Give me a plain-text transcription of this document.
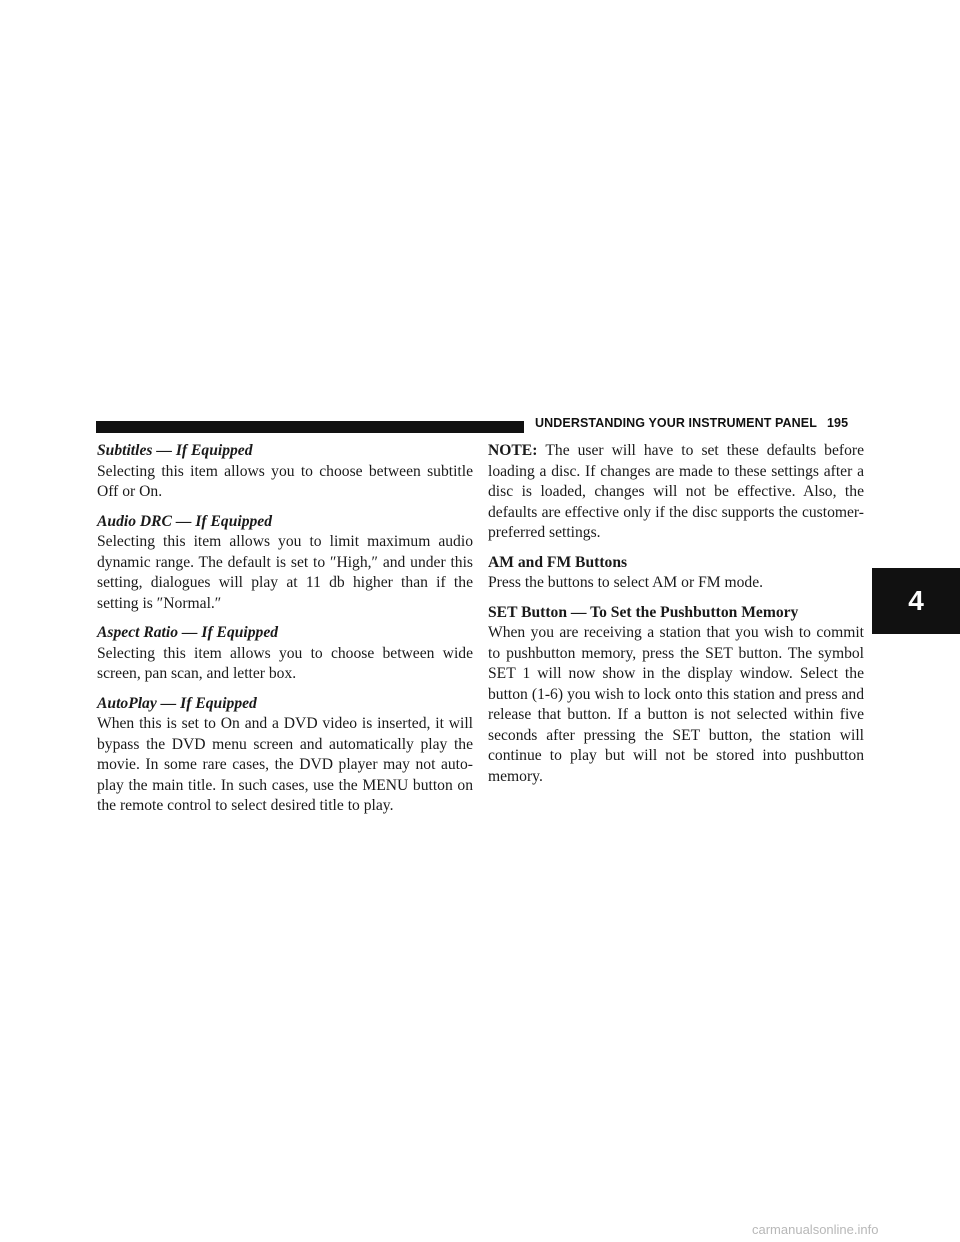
UNDERSTANDING YOUR INSTRUMENT PANEL 195
4

Subtitles — If Equipped

Selecting this item allows you to choose between subtitle Off or On.

Audio DRC — If Equipped

Selecting this item allows you to limit maximum audio dynamic range. The default is set to ″High,″ and under this setting, dialogues will play at 11 db higher than if the setting is ″Normal.″

Aspect Ratio — If Equipped

Selecting this item allows you to choose between wide screen, pan scan, and letter box.

AutoPlay — If Equipped

When this is set to On and a DVD video is inserted, it will bypass the DVD menu screen and automatically play the movie. In some rare cases, the DVD player may not auto-play the main title. In such cases, use the MENU button on the remote control to select desired title to play.

NOTE: The user will have to set these defaults before loading a disc. If changes are made to these settings after a disc is loaded, changes will not be effective. Also, the defaults are effective only if the disc supports the customer-preferred settings.

AM and FM Buttons

Press the buttons to select AM or FM mode.

SET Button — To Set the Pushbutton Memory

When you are receiving a station that you wish to commit to pushbutton memory, press the SET button. The symbol SET 1 will now show in the display window. Select the button (1-6) you wish to lock onto this station and press and release that button. If a button is not selected within five seconds after pressing the SET button, the station will continue to play but will not be stored into pushbutton memory.

carmanualsonline.info
